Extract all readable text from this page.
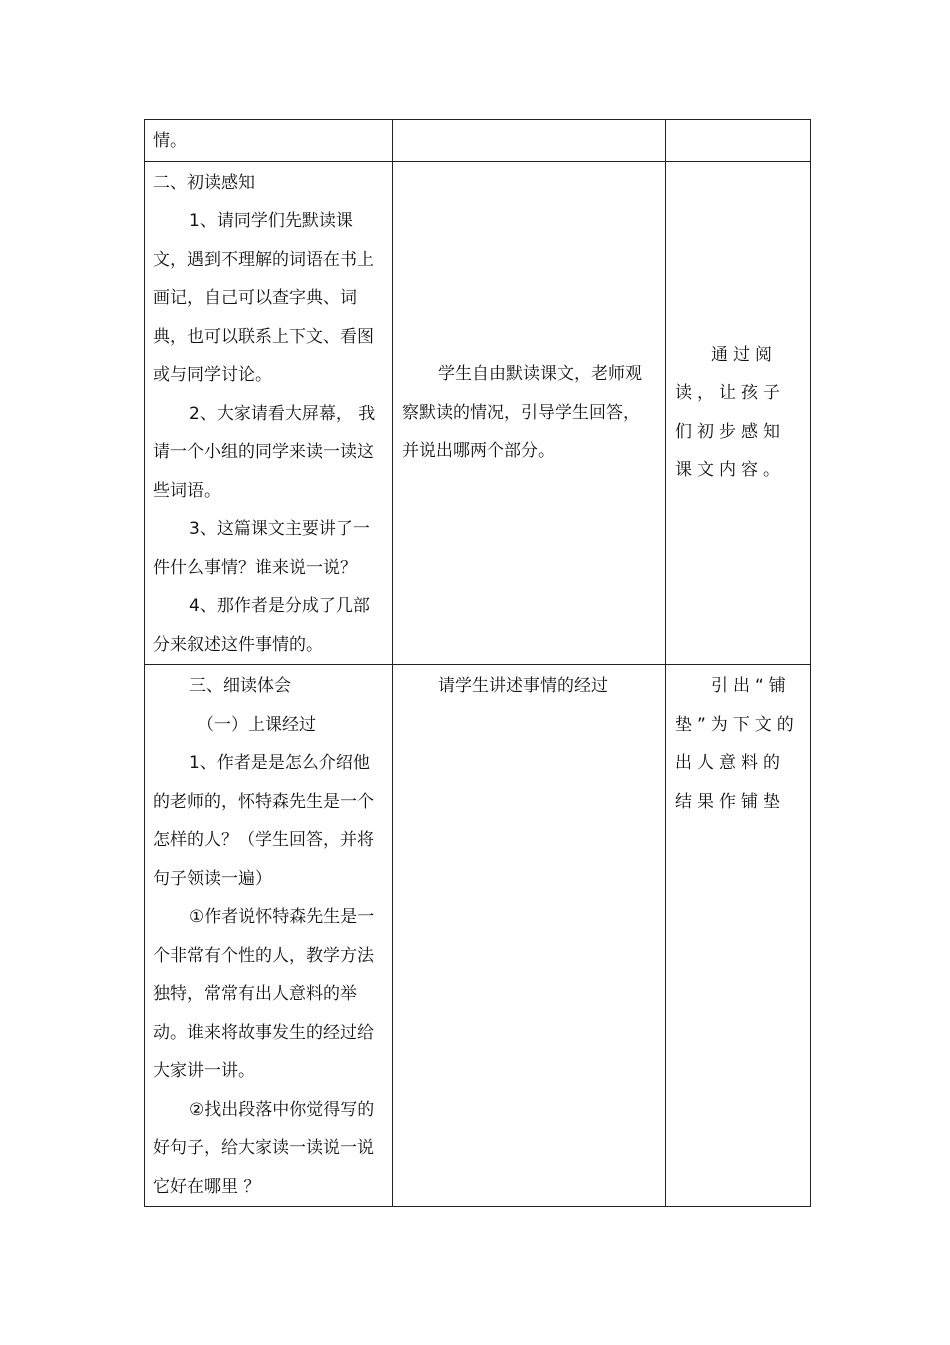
情。		

二、初读感知

1、请同学们先默读课文，遇到不理解的词语在书上画记，自己可以查字典、词典，也可以联系上下文、看图或与同学讨论。

2、大家请看大屏幕， 我请一个小组的同学来读一读这些词语。

3、这篇课文主要讲了一件什么事情？谁来说一说？

4、那作者是分成了几部分来叙述这件事情的。	学生自由默读课文，老师观察默读的情况，引导学生回答，并说出哪两个部分。	通过阅读，让孩子们初步感知课文内容。

三、细读体会

（一）上课经过

1、作者是是怎么介绍他的老师的，怀特森先生是一个怎样的人？（学生回答，并将句子领读一遍）

①作者说怀特森先生是一个非常有个性的人，教学方法独特，常常有出人意料的举动。谁来将故事发生的经过给大家讲一讲。

②找出段落中你觉得写的好句子，给大家读一读说一说它好在哪里 ？	请学生讲述事情的经过	引出“铺垫”为下文的出人意料的结果作铺垫
